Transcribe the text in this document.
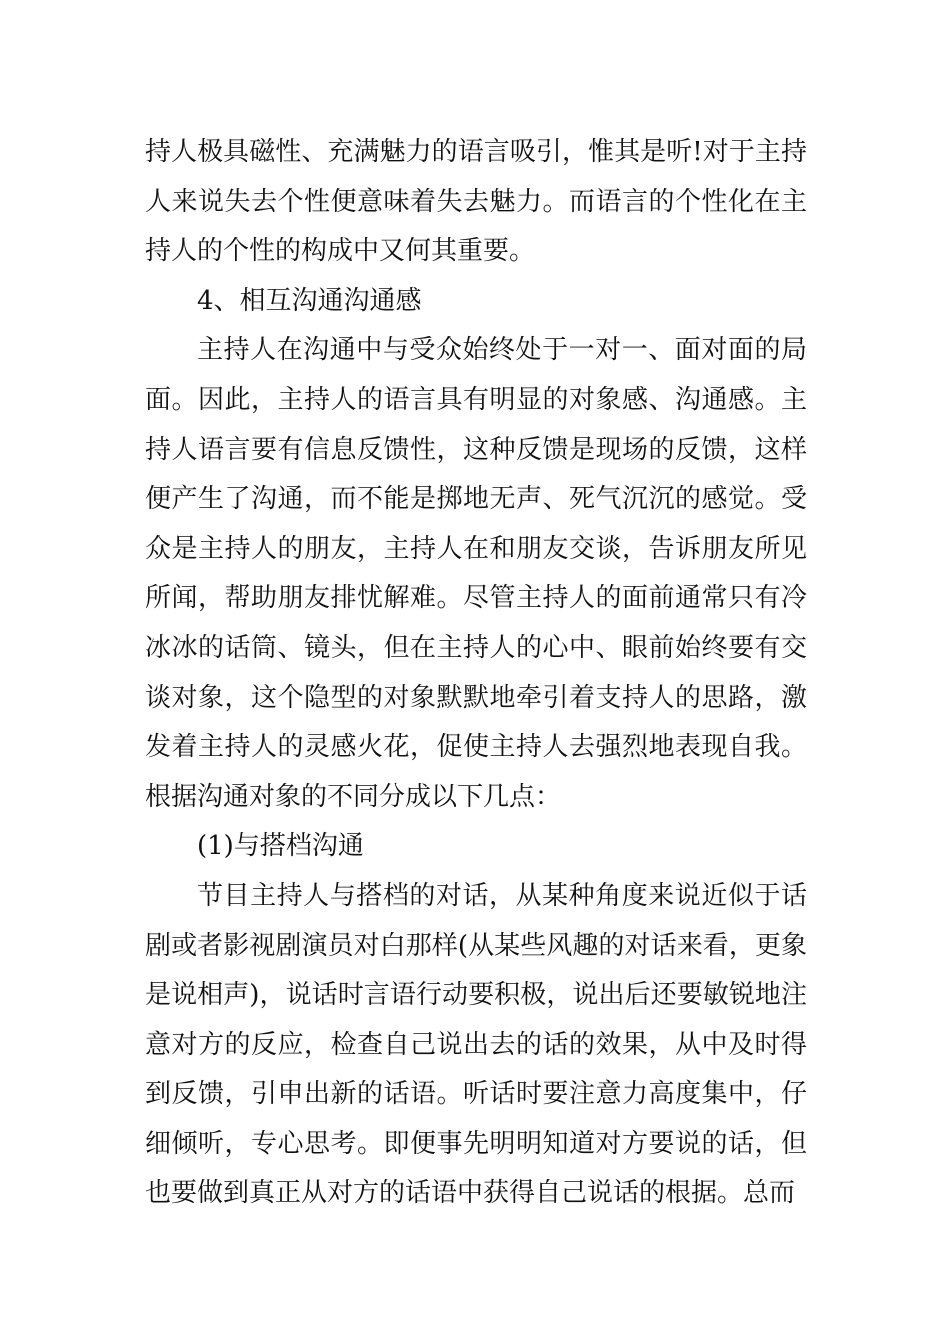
持人极具磁性、充满魅力的语言吸引，惟其是听!对于主持人来说失去个性便意味着失去魅力。而语言的个性化在主持人的个性的构成中又何其重要。

4、相互沟通沟通感

主持人在沟通中与受众始终处于一对一、面对面的局面。因此，主持人的语言具有明显的对象感、沟通感。主持人语言要有信息反馈性，这种反馈是现场的反馈，这样便产生了沟通，而不能是掷地无声、死气沉沉的感觉。受众是主持人的朋友，主持人在和朋友交谈，告诉朋友所见所闻，帮助朋友排忧解难。尽管主持人的面前通常只有冷冰冰的话筒、镜头，但在主持人的心中、眼前始终要有交谈对象，这个隐型的对象默默地牵引着支持人的思路，激发着主持人的灵感火花，促使主持人去强烈地表现自我。根据沟通对象的不同分成以下几点：

(1)与搭档沟通

节目主持人与搭档的对话，从某种角度来说近似于话剧或者影视剧演员对白那样(从某些风趣的对话来看，更象是说相声)，说话时言语行动要积极，说出后还要敏锐地注意对方的反应，检查自己说出去的话的效果，从中及时得到反馈，引申出新的话语。听话时要注意力高度集中，仔细倾听，专心思考。即便事先明明知道对方要说的话，但也要做到真正从对方的话语中获得自己说话的根据。总而
